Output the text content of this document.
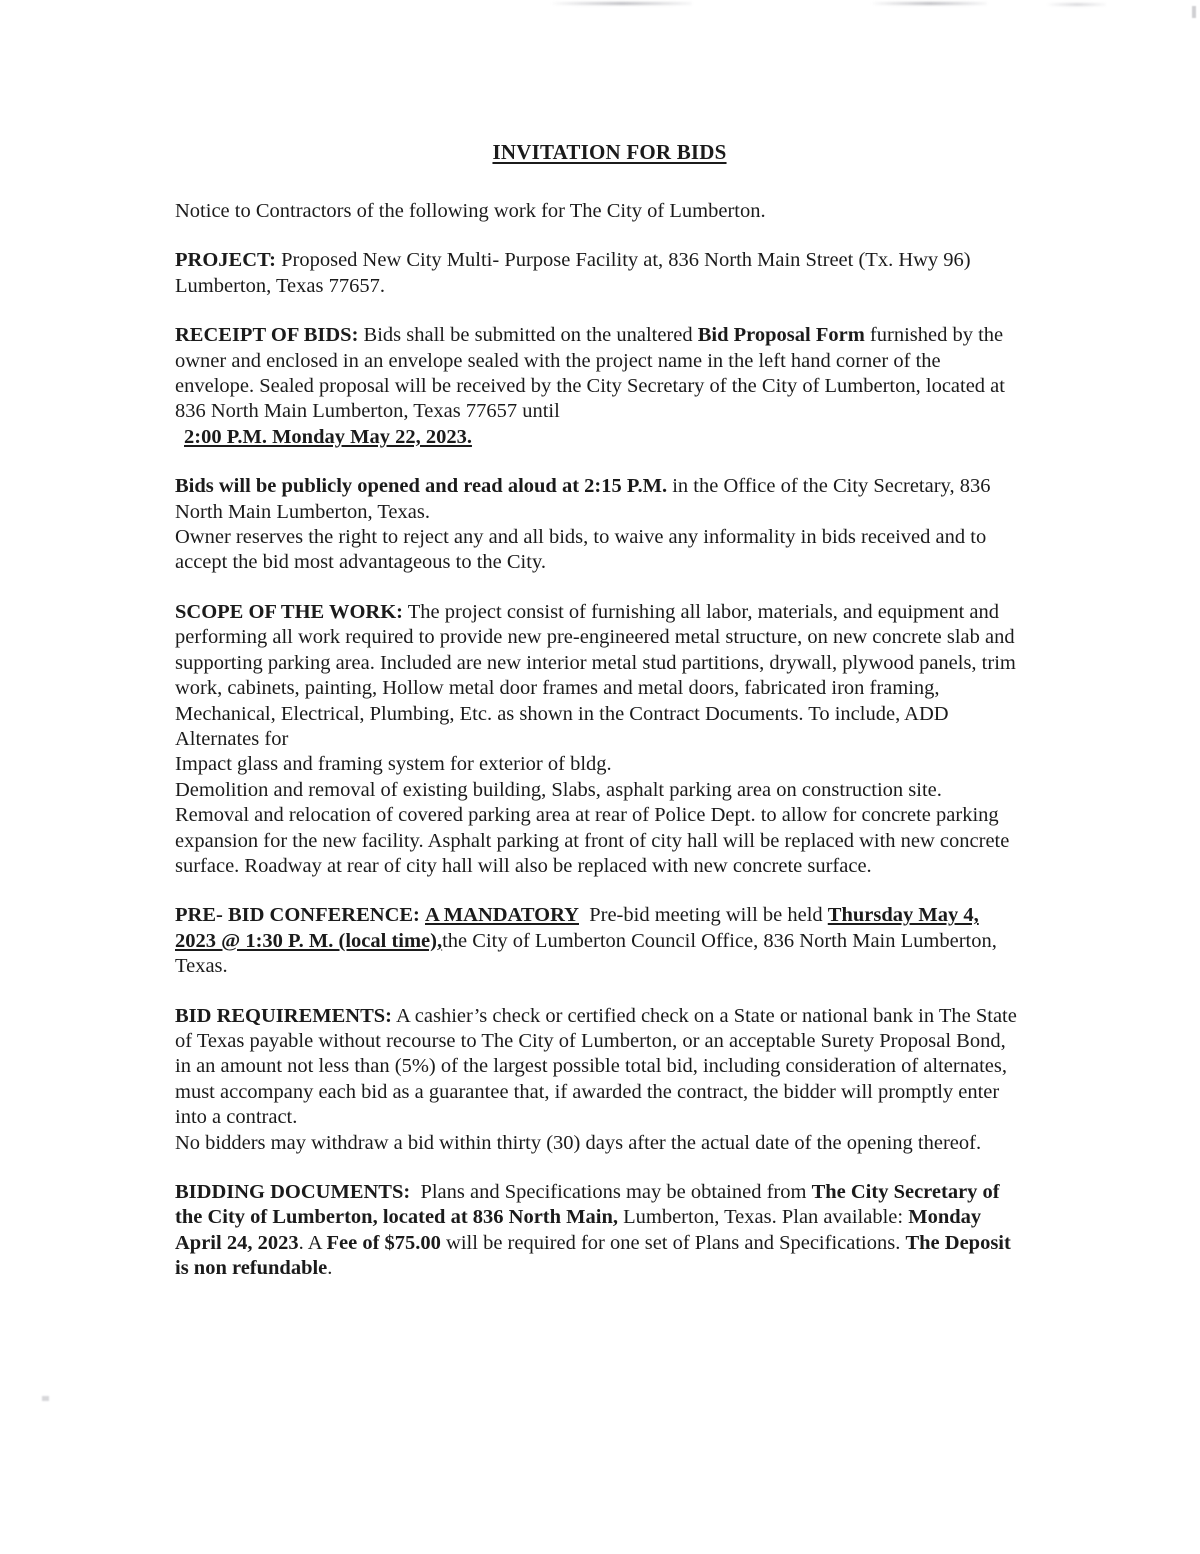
INVITATION FOR BIDS

Notice to Contractors of the following work for The City of Lumberton.

PROJECT: Proposed New City Multi- Purpose Facility at, 836 North Main Street (Tx. Hwy 96) Lumberton, Texas 77657.

RECEIPT OF BIDS: Bids shall be submitted on the unaltered Bid Proposal Form furnished by the owner and enclosed in an envelope sealed with the project name in the left hand corner of the envelope. Sealed proposal will be received by the City Secretary of the City of Lumberton, located at 836 North Main Lumberton, Texas 77657 until
2:00 P.M. Monday May 22, 2023.

Bids will be publicly opened and read aloud at 2:15 P.M. in the Office of the City Secretary, 836 North Main Lumberton, Texas.
Owner reserves the right to reject any and all bids, to waive any informality in bids received and to accept the bid most advantageous to the City.

SCOPE OF THE WORK: The project consist of furnishing all labor, materials, and equipment and performing all work required to provide new pre-engineered metal structure, on new concrete slab and supporting parking area. Included are new interior metal stud partitions, drywall, plywood panels, trim work, cabinets, painting, Hollow metal door frames and metal doors, fabricated iron framing, Mechanical, Electrical, Plumbing, Etc. as shown in the Contract Documents. To include, ADD Alternates for
Impact glass and framing system for exterior of bldg.
Demolition and removal of existing building, Slabs, asphalt parking area on construction site. Removal and relocation of covered parking area at rear of Police Dept. to allow for concrete parking expansion for the new facility. Asphalt parking at front of city hall will be replaced with new concrete surface. Roadway at rear of city hall will also be replaced with new concrete surface.

PRE- BID CONFERENCE: A MANDATORY Pre-bid meeting will be held Thursday May 4, 2023 @ 1:30 P. M. (local time),the City of Lumberton Council Office, 836 North Main Lumberton, Texas.

BID REQUIREMENTS: A cashier’s check or certified check on a State or national bank in The State of Texas payable without recourse to The City of Lumberton, or an acceptable Surety Proposal Bond, in an amount not less than (5%) of the largest possible total bid, including consideration of alternates, must accompany each bid as a guarantee that, if awarded the contract, the bidder will promptly enter into a contract.
No bidders may withdraw a bid within thirty (30) days after the actual date of the opening thereof.

BIDDING DOCUMENTS: Plans and Specifications may be obtained from The City Secretary of the City of Lumberton, located at 836 North Main, Lumberton, Texas. Plan available: Monday April 24, 2023. A Fee of $75.00 will be required for one set of Plans and Specifications. The Deposit is non refundable.
